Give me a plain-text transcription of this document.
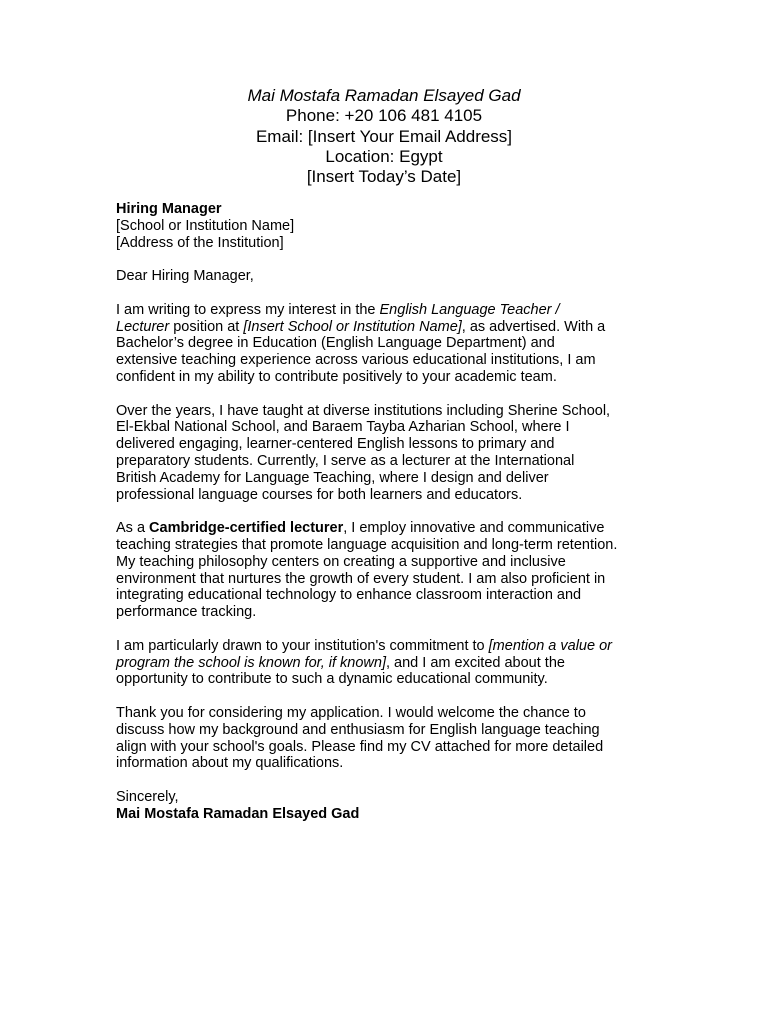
Mai Mostafa Ramadan Elsayed Gad
Phone: +20 106 481 4105
Email: [Insert Your Email Address]
Location: Egypt
[Insert Today’s Date]

Hiring Manager
[School or Institution Name]
[Address of the Institution]

Dear Hiring Manager,

I am writing to express my interest in the English Language Teacher /
Lecturer position at [Insert School or Institution Name], as advertised. With a
Bachelor’s degree in Education (English Language Department) and
extensive teaching experience across various educational institutions, I am
confident in my ability to contribute positively to your academic team.

Over the years, I have taught at diverse institutions including Sherine School,
El-Ekbal National School, and Baraem Tayba Azharian School, where I
delivered engaging, learner-centered English lessons to primary and
preparatory students. Currently, I serve as a lecturer at the International
British Academy for Language Teaching, where I design and deliver
professional language courses for both learners and educators.

As a Cambridge-certified lecturer, I employ innovative and communicative
teaching strategies that promote language acquisition and long-term retention.
My teaching philosophy centers on creating a supportive and inclusive
environment that nurtures the growth of every student. I am also proficient in
integrating educational technology to enhance classroom interaction and
performance tracking.

I am particularly drawn to your institution's commitment to [mention a value or
program the school is known for, if known], and I am excited about the
opportunity to contribute to such a dynamic educational community.

Thank you for considering my application. I would welcome the chance to
discuss how my background and enthusiasm for English language teaching
align with your school's goals. Please find my CV attached for more detailed
information about my qualifications.

Sincerely,
Mai Mostafa Ramadan Elsayed Gad
